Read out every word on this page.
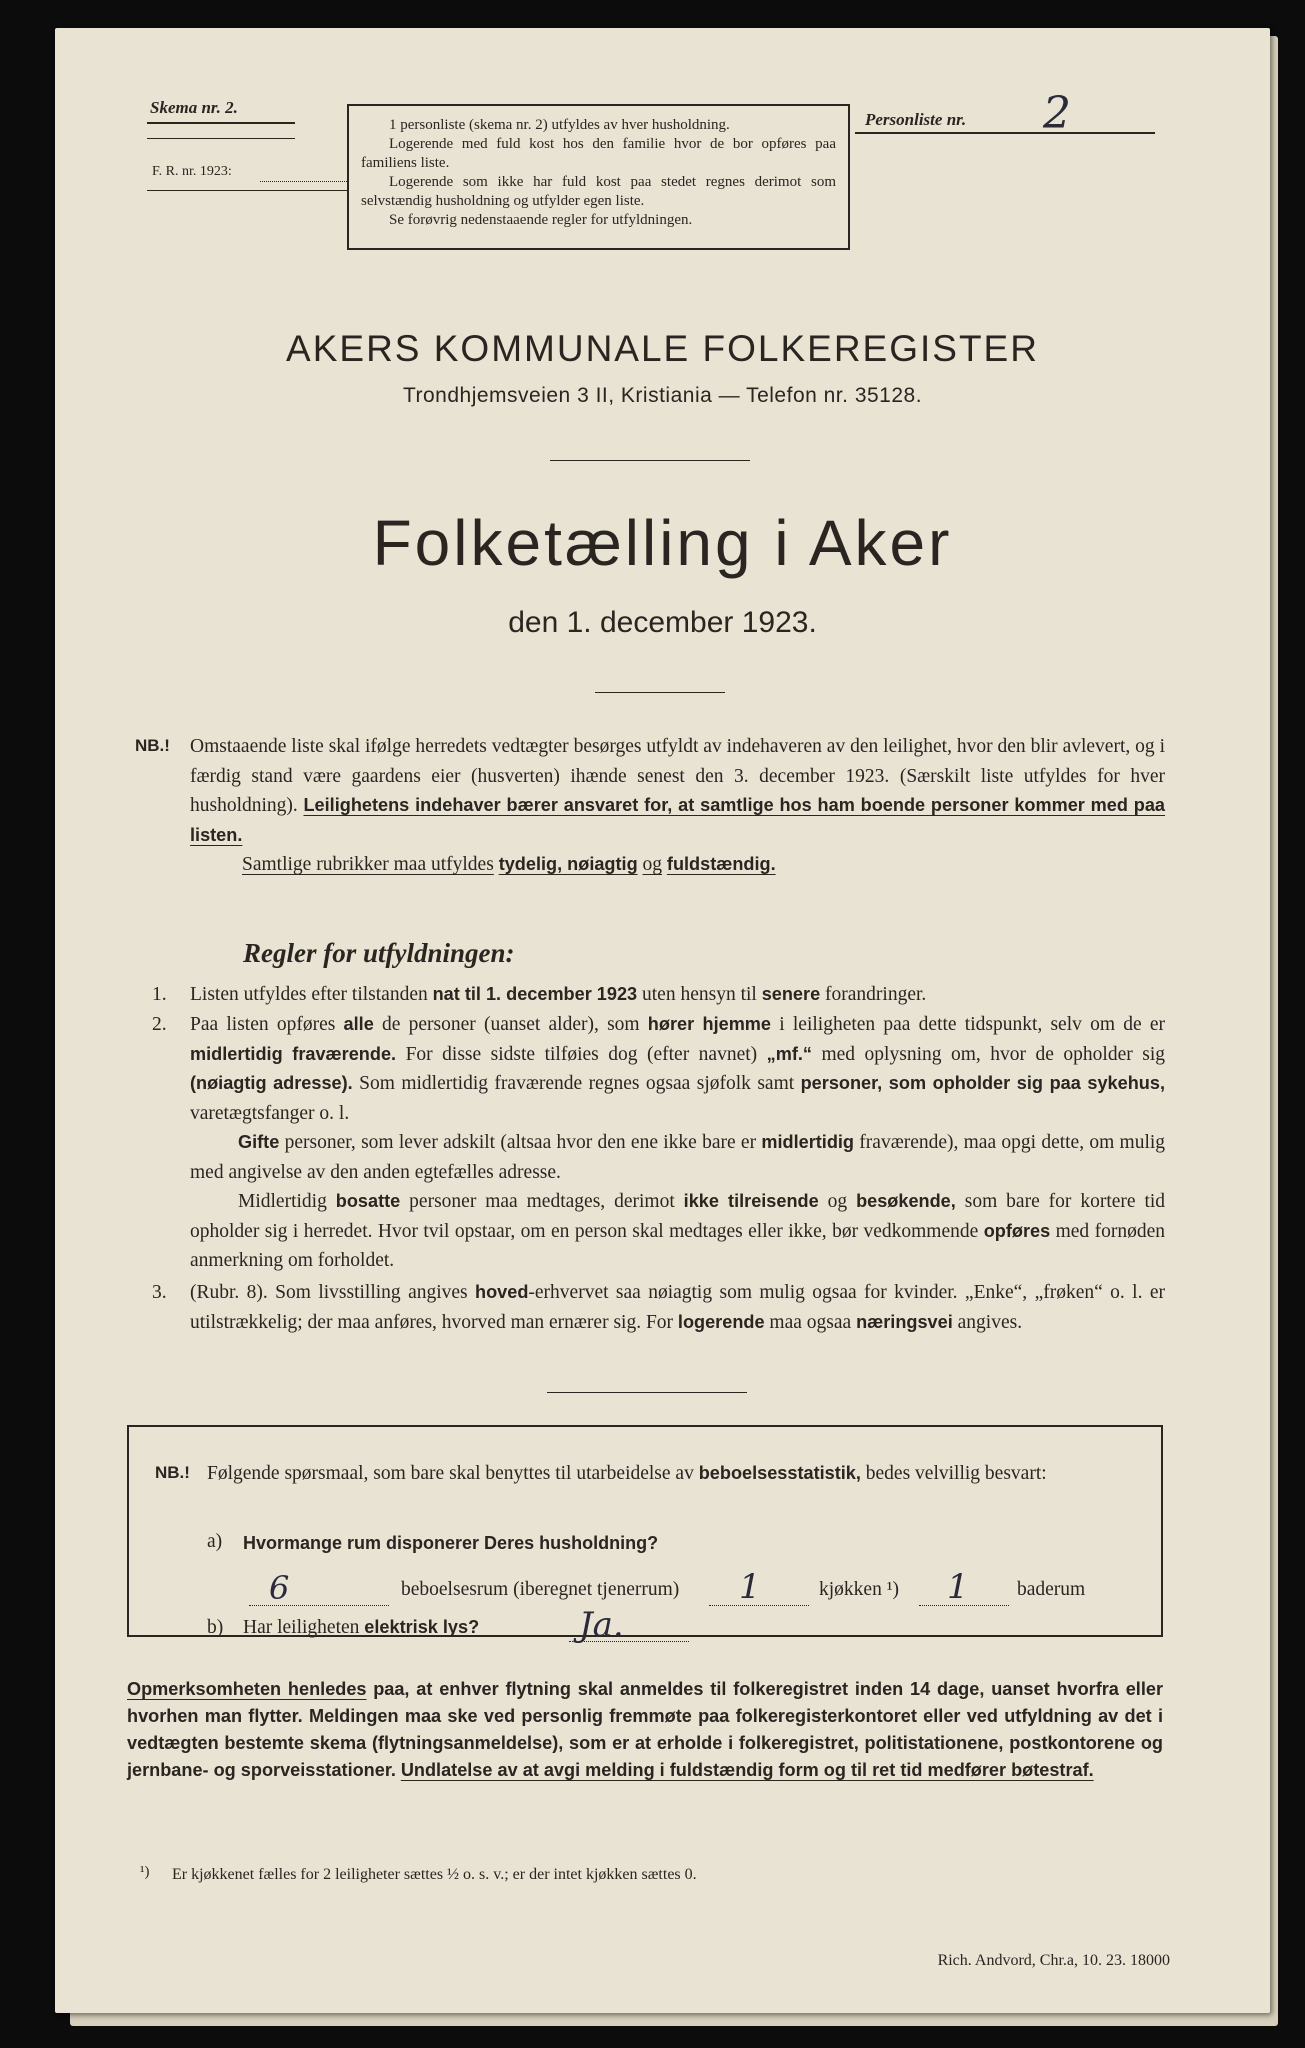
Skema nr. 2.
F. R. nr. 1923:

1 personliste (skema nr. 2) utfyldes av hver husholdning.

Logerende med fuld kost hos den familie hvor de bor opføres paa familiens liste.

Logerende som ikke har fuld kost paa stedet regnes derimot som selvstændig husholdning og utfylder egen liste.

Se forøvrig nedenstaaende regler for utfyldningen.

Personliste nr. 2
AKERS KOMMUNALE FOLKEREGISTER
Trondhjemsveien 3 II, Kristiania — Telefon nr. 35128.
Folketælling i Aker
den 1. december 1923.
NB.! Omstaaende liste skal ifølge herredets vedtægter besørges utfyldt av indehaveren av den leilighet, hvor den blir avlevert, og i færdig stand være gaardens eier (husverten) ihænde senest den 3. december 1923. (Særskilt liste utfyldes for hver husholdning). Leilighetens indehaver bærer ansvaret for, at samtlige hos ham boende personer kommer med paa listen.
Samtlige rubrikker maa utfyldes tydelig, nøiagtig og fuldstændig.
Regler for utfyldningen:
1. Listen utfyldes efter tilstanden nat til 1. december 1923 uten hensyn til senere forandringer.
2. Paa listen opføres alle de personer (uanset alder), som hører hjemme i leiligheten paa dette tidspunkt, selv om de er midlertidig fraværende. For disse sidste tilføies dog (efter navnet) „mf.“ med oplysning om, hvor de opholder sig (nøiagtig adresse). Som midlertidig fraværende regnes ogsaa sjøfolk samt personer, som opholder sig paa sykehus, varetægtsfanger o. l.

Gifte personer, som lever adskilt (altsaa hvor den ene ikke bare er midlertidig fraværende), maa opgi dette, om mulig med angivelse av den anden egtefælles adresse.

Midlertidig bosatte personer maa medtages, derimot ikke tilreisende og besøkende, som bare for kortere tid opholder sig i herredet. Hvor tvil opstaar, om en person skal medtages eller ikke, bør vedkommende opføres med fornøden anmerkning om forholdet.

3. (Rubr. 8). Som livsstilling angives hoved-erhvervet saa nøiagtig som mulig ogsaa for kvinder. „Enke“, „frøken“ o. l. er utilstrækkelig; der maa anføres, hvorved man ernærer sig. For logerende maa ogsaa næringsvei angives.
NB.! Følgende spørsmaal, som bare skal benyttes til utarbeidelse av beboelsesstatistik, bedes velvillig besvart:
a) Hvormange rum disponerer Deres husholdning?
6	beboelsesrum (iberegnet tjenerrum) 1	kjøkken ¹) 1 baderum
b) Har leiligheten elektrisk lys?	Ja.
Opmerksomheten henledes paa, at enhver flytning skal anmeldes til folkeregistret inden 14 dage, uanset hvorfra eller hvorhen man flytter. Meldingen maa ske ved personlig fremmøte paa folkeregisterkontoret eller ved utfyldning av det i vedtægten bestemte skema (flytningsanmeldelse), som er at erholde i folkeregistret, politistationene, postkontorene og jernbane- og sporveisstationer. Undlatelse av at avgi melding i fuldstændig form og til ret tid medfører bøtestraf.
¹) Er kjøkkenet fælles for 2 leiligheter sættes ½ o. s. v.; er der intet kjøkken sættes 0.
Rich. Andvord, Chr.a, 10. 23. 18000
